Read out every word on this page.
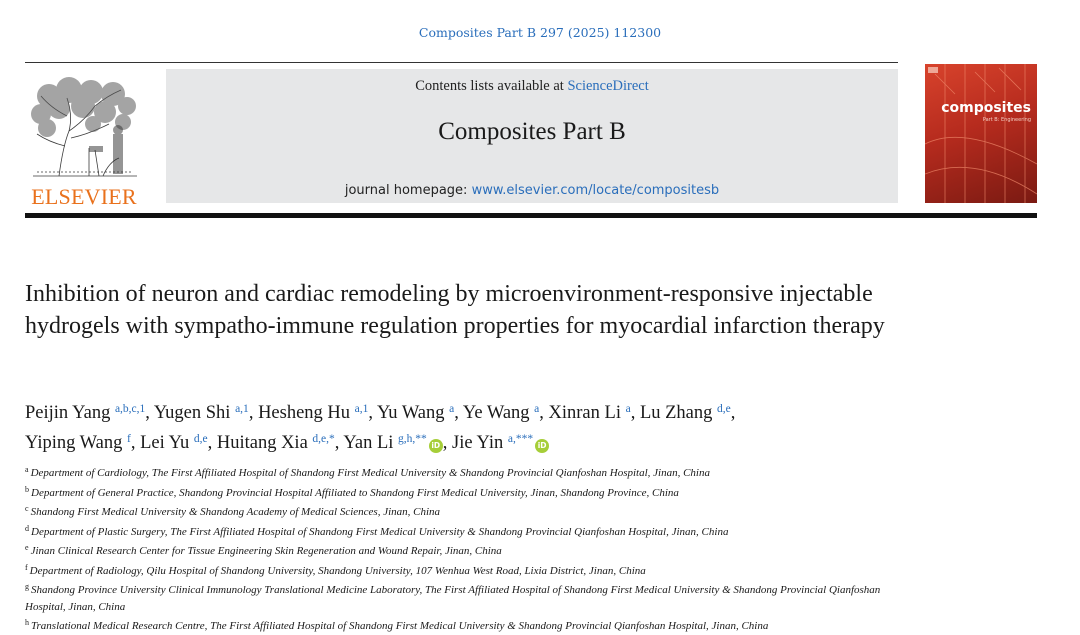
Composites Part B 297 (2025) 112300
ELSEVIER
Contents lists available at ScienceDirect
Composites Part B
journal homepage: www.elsevier.com/locate/compositesb
composites
Part B: Engineering
Inhibition of neuron and cardiac remodeling by microenvironment-responsive injectable hydrogels with sympatho-immune regulation properties for myocardial infarction therapy
Peijin Yang $^{a,b,c,1}$, Yugen Shi $^{a,1}$, Hesheng Hu $^{a,1}$, Yu Wang $^a$, Ye Wang $^a$, Xinran Li $^a$, Lu Zhang $^{d,e}$,
Yiping Wang $^f$, Lei Yu $^{d,e}$, Huitang Xia $^{d,e,*}$, Yan Li $^{g,h,**}$iD , Jie Yin $^{a,***}$iD
$^a$ Department of Cardiology, The First Affiliated Hospital of Shandong First Medical University & Shandong Provincial Qianfoshan Hospital, Jinan, China
$^b$ Department of General Practice, Shandong Provincial Hospital Affiliated to Shandong First Medical University, Jinan, Shandong Province, China
$^c$ Shandong First Medical University & Shandong Academy of Medical Sciences, Jinan, China
$^d$ Department of Plastic Surgery, The First Affiliated Hospital of Shandong First Medical University & Shandong Provincial Qianfoshan Hospital, Jinan, China
$^e$ Jinan Clinical Research Center for Tissue Engineering Skin Regeneration and Wound Repair, Jinan, China
$^f$ Department of Radiology, Qilu Hospital of Shandong University, Shandong University, 107 Wenhua West Road, Lixia District, Jinan, China
$^g$ Shandong Province University Clinical Immunology Translational Medicine Laboratory, The First Affiliated Hospital of Shandong First Medical University & Shandong Provincial Qianfoshan Hospital, Jinan, China
$^h$ Translational Medical Research Centre, The First Affiliated Hospital of Shandong First Medical University & Shandong Provincial Qianfoshan Hospital, Jinan, China
